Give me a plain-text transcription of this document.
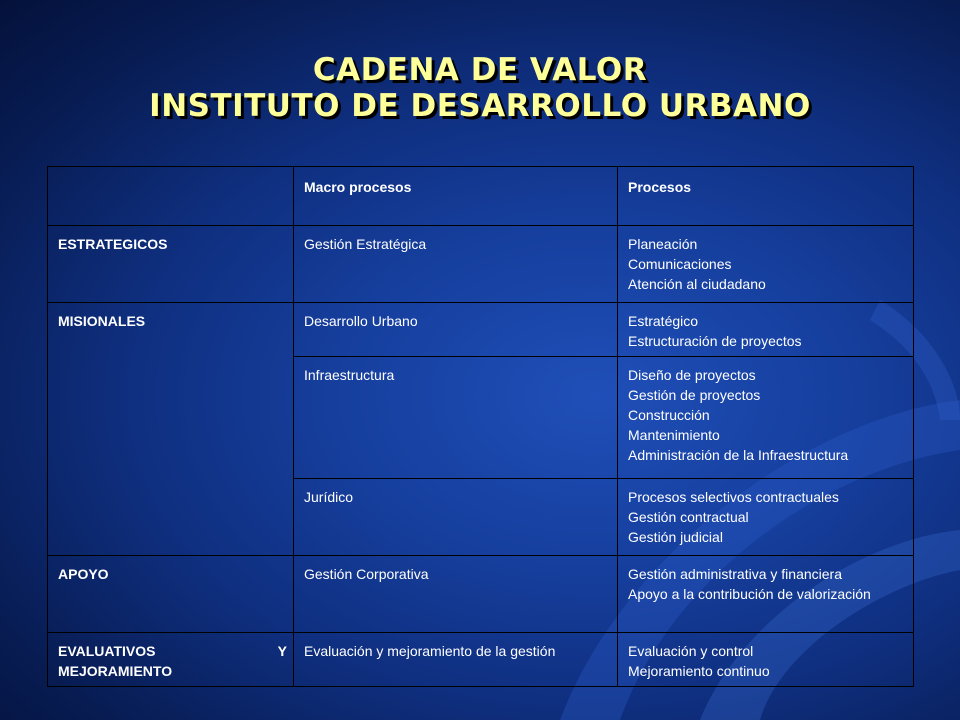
CADENA DE VALOR
INSTITUTO DE DESARROLLO URBANO
	Macro procesos	Procesos
ESTRATEGICOS	Gestión Estratégica	Planeación
Comunicaciones
Atención al ciudadano

MISIONALES	Desarrollo Urbano	Estratégico
Estructuración de proyectos

	Infraestructura	Diseño de proyectos
Gestión de proyectos
Construcción
Mantenimiento
Administración de la Infraestructura

	Jurídico	Procesos selectivos contractuales
Gestión contractual
Gestión judicial

APOYO	Gestión Corporativa	Gestión administrativa y financiera
Apoyo a la contribución de valorización

EVALUATIVOS Y
MEJORAMIENTO	Evaluación y mejoramiento de la gestión	Evaluación y control
Mejoramiento continuo
